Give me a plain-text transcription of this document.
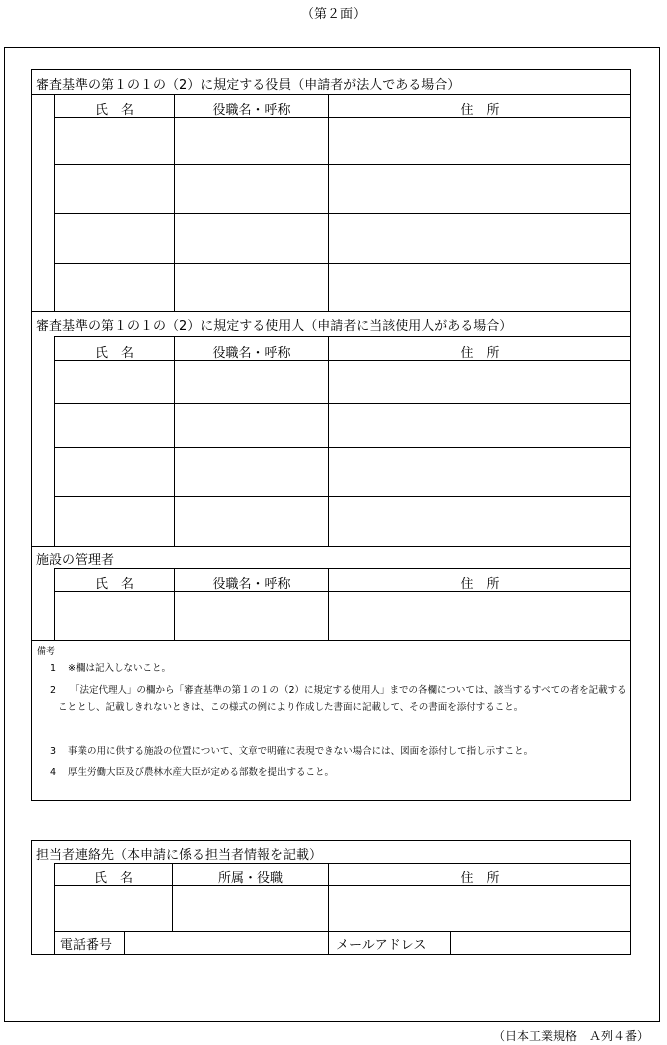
（第２面）
審査基準の第１の１の（2）に規定する役員（申請者が法人である場合）
氏　名	役職名・呼称	住　所
審査基準の第１の１の（2）に規定する使用人（申請者に当該使用人がある場合）
氏　名	役職名・呼称	住　所
施設の管理者
氏　名	役職名・呼称	住　所
備考
1 ※欄は記入しないこと。
2	「法定代理人」の欄から「審査基準の第１の１の（2）に規定する使用人」までの各欄については、該当するすべての者を記載することとし、記載しきれないときは、この様式の例により作成した書面に記載して、その書面を添付すること。
3 事業の用に供する施設の位置について、文章で明確に表現できない場合には、図面を添付して指し示すこと。
4 厚生労働大臣及び農林水産大臣が定める部数を提出すること。
担当者連絡先（本申請に係る担当者情報を記載）
氏　名	所属・役職	住　所
電話番号	メールアドレス
（日本工業規格　Ａ列４番）
